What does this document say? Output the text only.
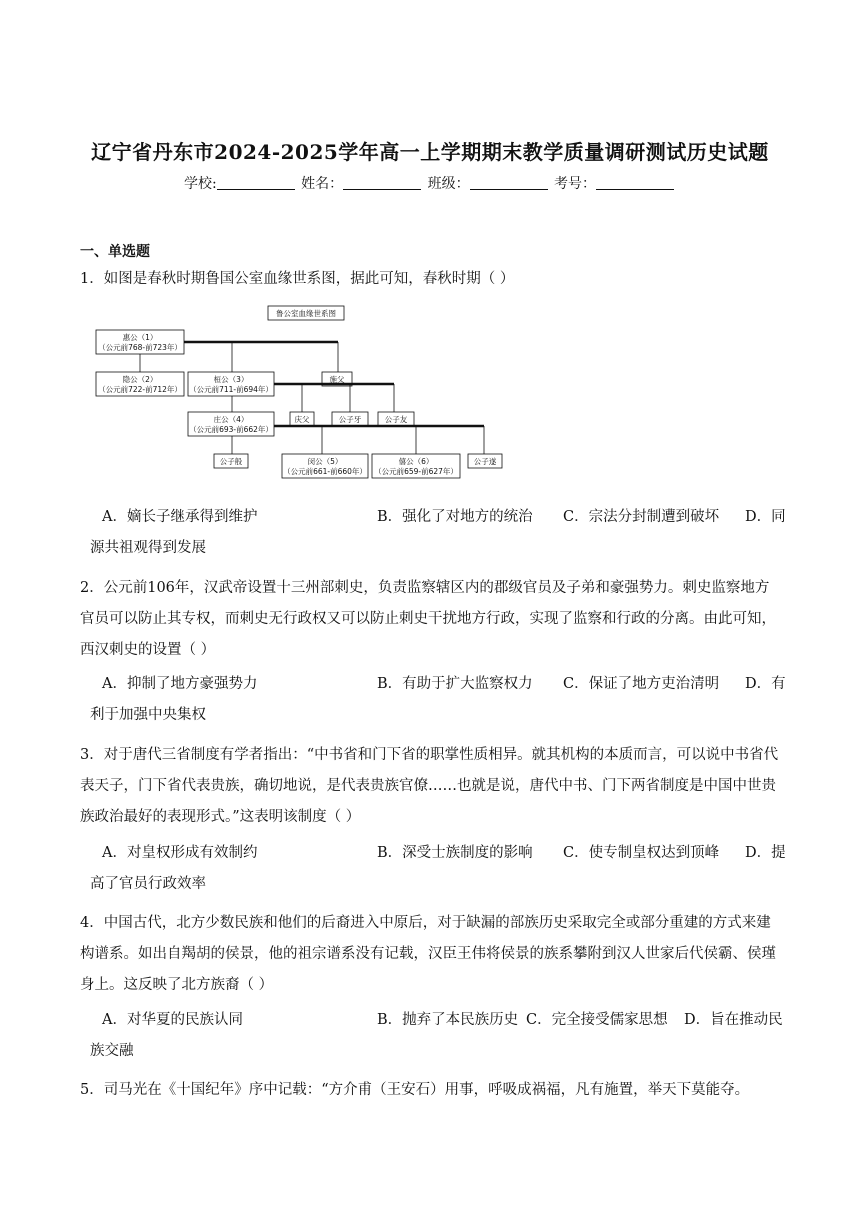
辽宁省丹东市2024-2025学年高一上学期期末教学质量调研测试历史试题
学校:	姓名：	班级：	考号：
一、单选题
1．如图是春秋时期鲁国公室血缘世系图，据此可知，春秋时期（ ）
鲁公室血缘世系图
惠公（1）
（公元前768-前723年）
隐公（2）
（公元前722-前712年）
桓公（3）
（公元前711-前694年）
施父
庄公（4）
（公元前693-前662年）
庆父	公子牙	公子友
公子般	闵公（5）
（公元前661-前660年）
僖公（6）
（公元前659-前627年）
公子遂
A．嫡长子继承得到维护	B．强化了对地方的统治 C．宗法分封制遭到破坏 D．同
源共祖观得到发展
2．公元前106年，汉武帝设置十三州部刺史，负责监察辖区内的郡级官员及子弟和豪强势力。刺史监察地方官员可以防止其专权，而刺史无行政权又可以防止刺史干扰地方行政，实现了监察和行政的分离。由此可知，西汉刺史的设置（ ）
A．抑制了地方豪强势力	B．有助于扩大监察权力 C．保证了地方吏治清明 D．有
利于加强中央集权
3．对于唐代三省制度有学者指出：“中书省和门下省的职掌性质相异。就其机构的本质而言，可以说中书省代表天子，门下省代表贵族，确切地说，是代表贵族官僚……也就是说，唐代中书、门下两省制度是中国中世贵族政治最好的表现形式。”这表明该制度（ ）
A．对皇权形成有效制约	B．深受士族制度的影响 C．使专制皇权达到顶峰 D．提
高了官员行政效率
4．中国古代，北方少数民族和他们的后裔进入中原后，对于缺漏的部族历史采取完全或部分重建的方式来建构谱系。如出自羯胡的侯景，他的祖宗谱系没有记载，汉臣王伟将侯景的族系攀附到汉人世家后代侯霸、侯瑾身上。这反映了北方族裔（ ）
A．对华夏的民族认同	B．抛弃了本民族历史 C．完全接受儒家思想 D．旨在推动民
族交融
5．司马光在《十国纪年》序中记载：“方介甫（王安石）用事，呼吸成祸福，凡有施置，举天下莫能夺。
